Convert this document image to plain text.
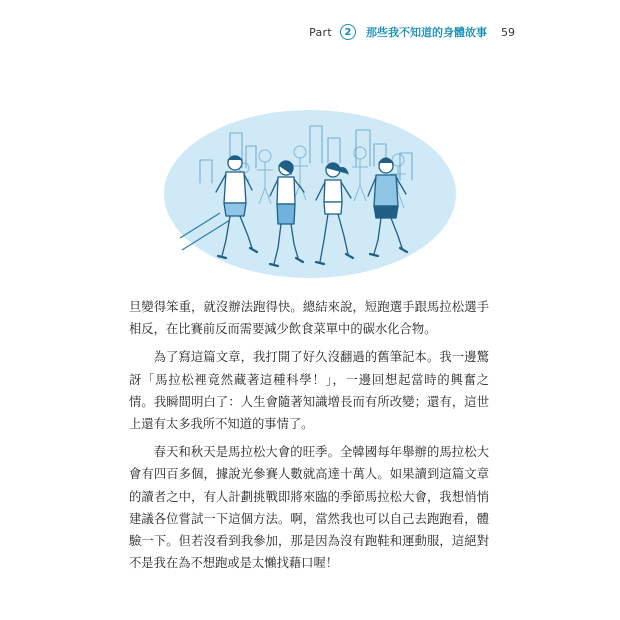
Part	2	那些我不知道的身體故事 59

旦變得笨重，就沒辦法跑得快。總結來說，短跑選手跟馬拉松選手相反，在比賽前反而需要減少飲食菜單中的碳水化合物。

為了寫這篇文章，我打開了好久沒翻過的舊筆記本。我一邊驚訝「馬拉松裡竟然藏著這種科學！」，一邊回想起當時的興奮之情。我瞬間明白了：人生會隨著知識增長而有所改變；還有，這世上還有太多我所不知道的事情了。

春天和秋天是馬拉松大會的旺季。全韓國每年舉辦的馬拉松大會有四百多個，據說光參賽人數就高達十萬人。如果讀到這篇文章的讀者之中，有人計劃挑戰即將來臨的季節馬拉松大會，我想悄悄建議各位嘗試一下這個方法。啊，當然我也可以自己去跑跑看，體驗一下。但若沒看到我參加，那是因為沒有跑鞋和運動服，這絕對不是我在為不想跑或是太懶找藉口喔！
